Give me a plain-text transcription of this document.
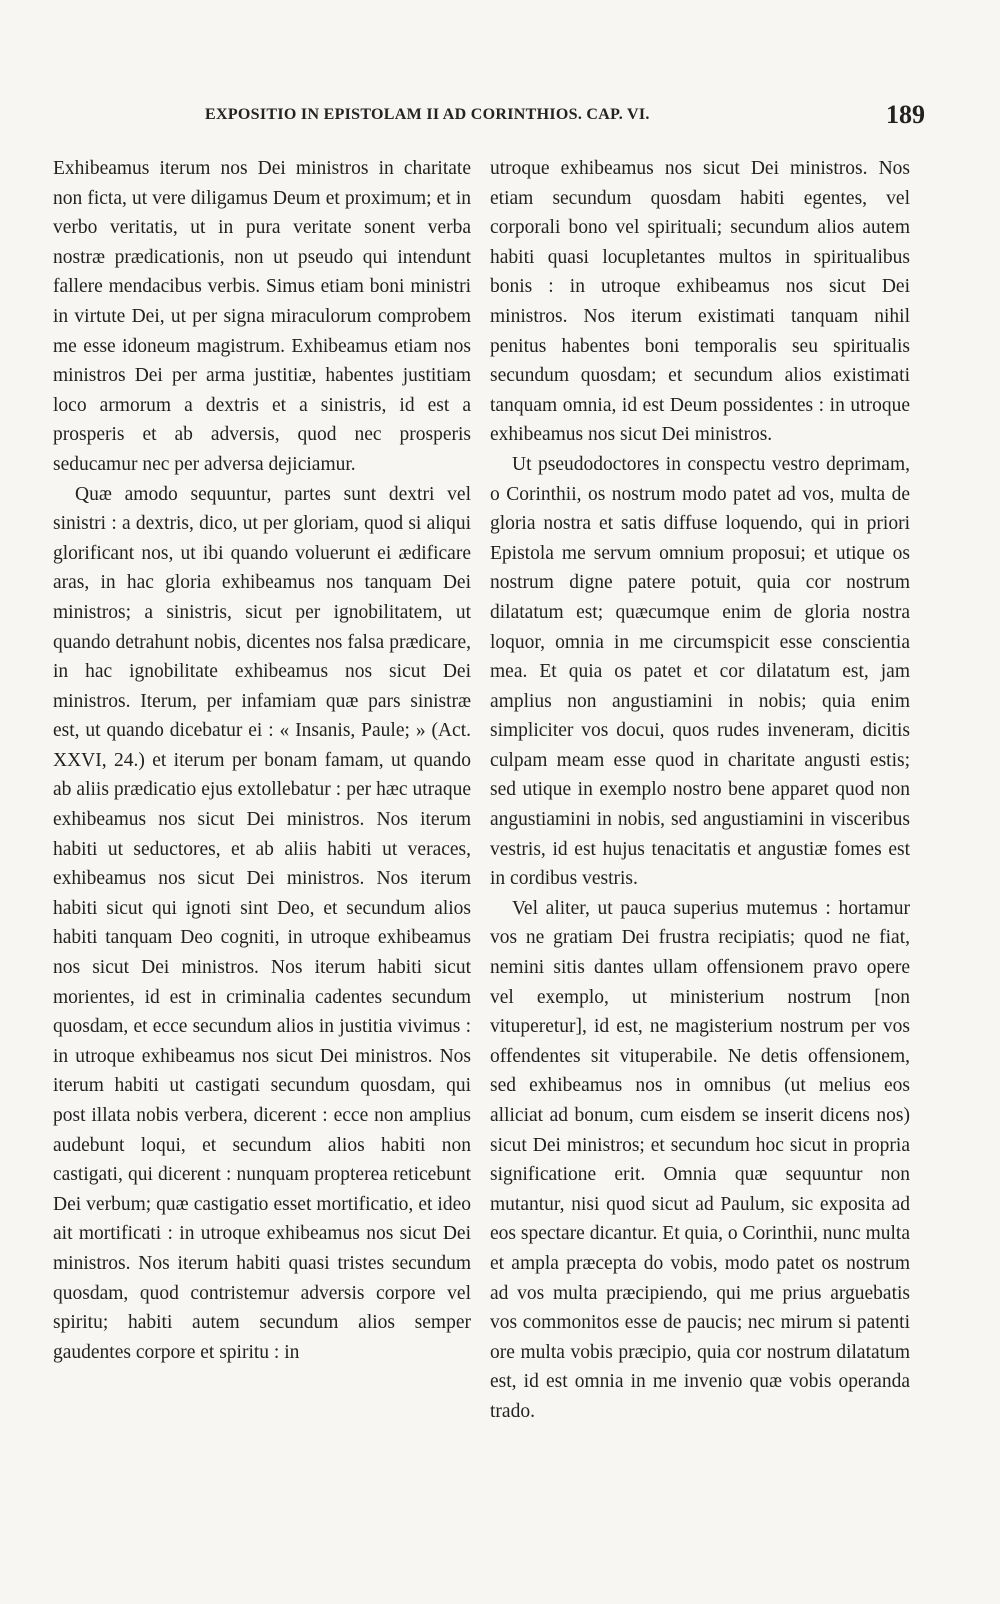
EXPOSITIO IN EPISTOLAM II AD CORINTHIOS. CAP. VI.	189

Exhibeamus iterum nos Dei ministros in charitate non ficta, ut vere diligamus Deum et proximum; et in verbo veritatis, ut in pura veritate sonent verba nostræ prædicationis, non ut pseudo qui intendunt fallere mendacibus verbis. Simus etiam boni ministri in virtute Dei, ut per signa miraculorum comprobem me esse idoneum magistrum. Exhibeamus etiam nos ministros Dei per arma justitiæ, habentes justitiam loco armorum a dextris et a sinistris, id est a prosperis et ab adversis, quod nec prosperis seducamur nec per adversa dejiciamur.

Quæ amodo sequuntur, partes sunt dextri vel sinistri : a dextris, dico, ut per gloriam, quod si aliqui glorificant nos, ut ibi quando voluerunt ei ædificare aras, in hac gloria exhibeamus nos tanquam Dei ministros; a sinistris, sicut per ignobilitatem, ut quando detrahunt nobis, dicentes nos falsa prædicare, in hac ignobilitate exhibeamus nos sicut Dei ministros. Iterum, per infamiam quæ pars sinistræ est, ut quando dicebatur ei : « Insanis, Paule; » (Act. XXVI, 24.) et iterum per bonam famam, ut quando ab aliis prædicatio ejus extollebatur : per hæc utraque exhibeamus nos sicut Dei ministros. Nos iterum habiti ut seductores, et ab aliis habiti ut veraces, exhibeamus nos sicut Dei ministros. Nos iterum habiti sicut qui ignoti sint Deo, et secundum alios habiti tanquam Deo cogniti, in utroque exhibeamus nos sicut Dei ministros. Nos iterum habiti sicut morientes, id est in criminalia cadentes secundum quosdam, et ecce secundum alios in justitia vivimus : in utroque exhibeamus nos sicut Dei ministros. Nos iterum habiti ut castigati secundum quosdam, qui post illata nobis verbera, dicerent : ecce non amplius audebunt loqui, et secundum alios habiti non castigati, qui dicerent : nunquam propterea reticebunt Dei verbum; quæ castigatio esset mortificatio, et ideo ait mortificati : in utroque exhibeamus nos sicut Dei ministros. Nos iterum habiti quasi tristes secundum quosdam, quod contristemur adversis corpore vel spiritu; habiti autem secundum alios semper gaudentes corpore et spiritu : in

utroque exhibeamus nos sicut Dei ministros. Nos etiam secundum quosdam habiti egentes, vel corporali bono vel spirituali; secundum alios autem habiti quasi locupletantes multos in spiritualibus bonis : in utroque exhibeamus nos sicut Dei ministros. Nos iterum existimati tanquam nihil penitus habentes boni temporalis seu spiritualis secundum quosdam; et secundum alios existimati tanquam omnia, id est Deum possidentes : in utroque exhibeamus nos sicut Dei ministros.

Ut pseudodoctores in conspectu vestro deprimam, o Corinthii, os nostrum modo patet ad vos, multa de gloria nostra et satis diffuse loquendo, qui in priori Epistola me servum omnium proposui; et utique os nostrum digne patere potuit, quia cor nostrum dilatatum est; quæcumque enim de gloria nostra loquor, omnia in me circumspicit esse conscientia mea. Et quia os patet et cor dilatatum est, jam amplius non angustiamini in nobis; quia enim simpliciter vos docui, quos rudes inveneram, dicitis culpam meam esse quod in charitate angusti estis; sed utique in exemplo nostro bene apparet quod non angustiamini in nobis, sed angustiamini in visceribus vestris, id est hujus tenacitatis et angustiæ fomes est in cordibus vestris.

Vel aliter, ut pauca superius mutemus : hortamur vos ne gratiam Dei frustra recipiatis; quod ne fiat, nemini sitis dantes ullam offensionem pravo opere vel exemplo, ut ministerium nostrum [non vituperetur], id est, ne magisterium nostrum per vos offendentes sit vituperabile. Ne detis offensionem, sed exhibeamus nos in omnibus (ut melius eos alliciat ad bonum, cum eisdem se inserit dicens nos) sicut Dei ministros; et secundum hoc sicut in propria significatione erit. Omnia quæ sequuntur non mutantur, nisi quod sicut ad Paulum, sic exposita ad eos spectare dicantur. Et quia, o Corinthii, nunc multa et ampla præcepta do vobis, modo patet os nostrum ad vos multa præcipiendo, qui me prius arguebatis vos commonitos esse de paucis; nec mirum si patenti ore multa vobis præcipio, quia cor nostrum dilatatum est, id est omnia in me invenio quæ vobis operanda trado.
